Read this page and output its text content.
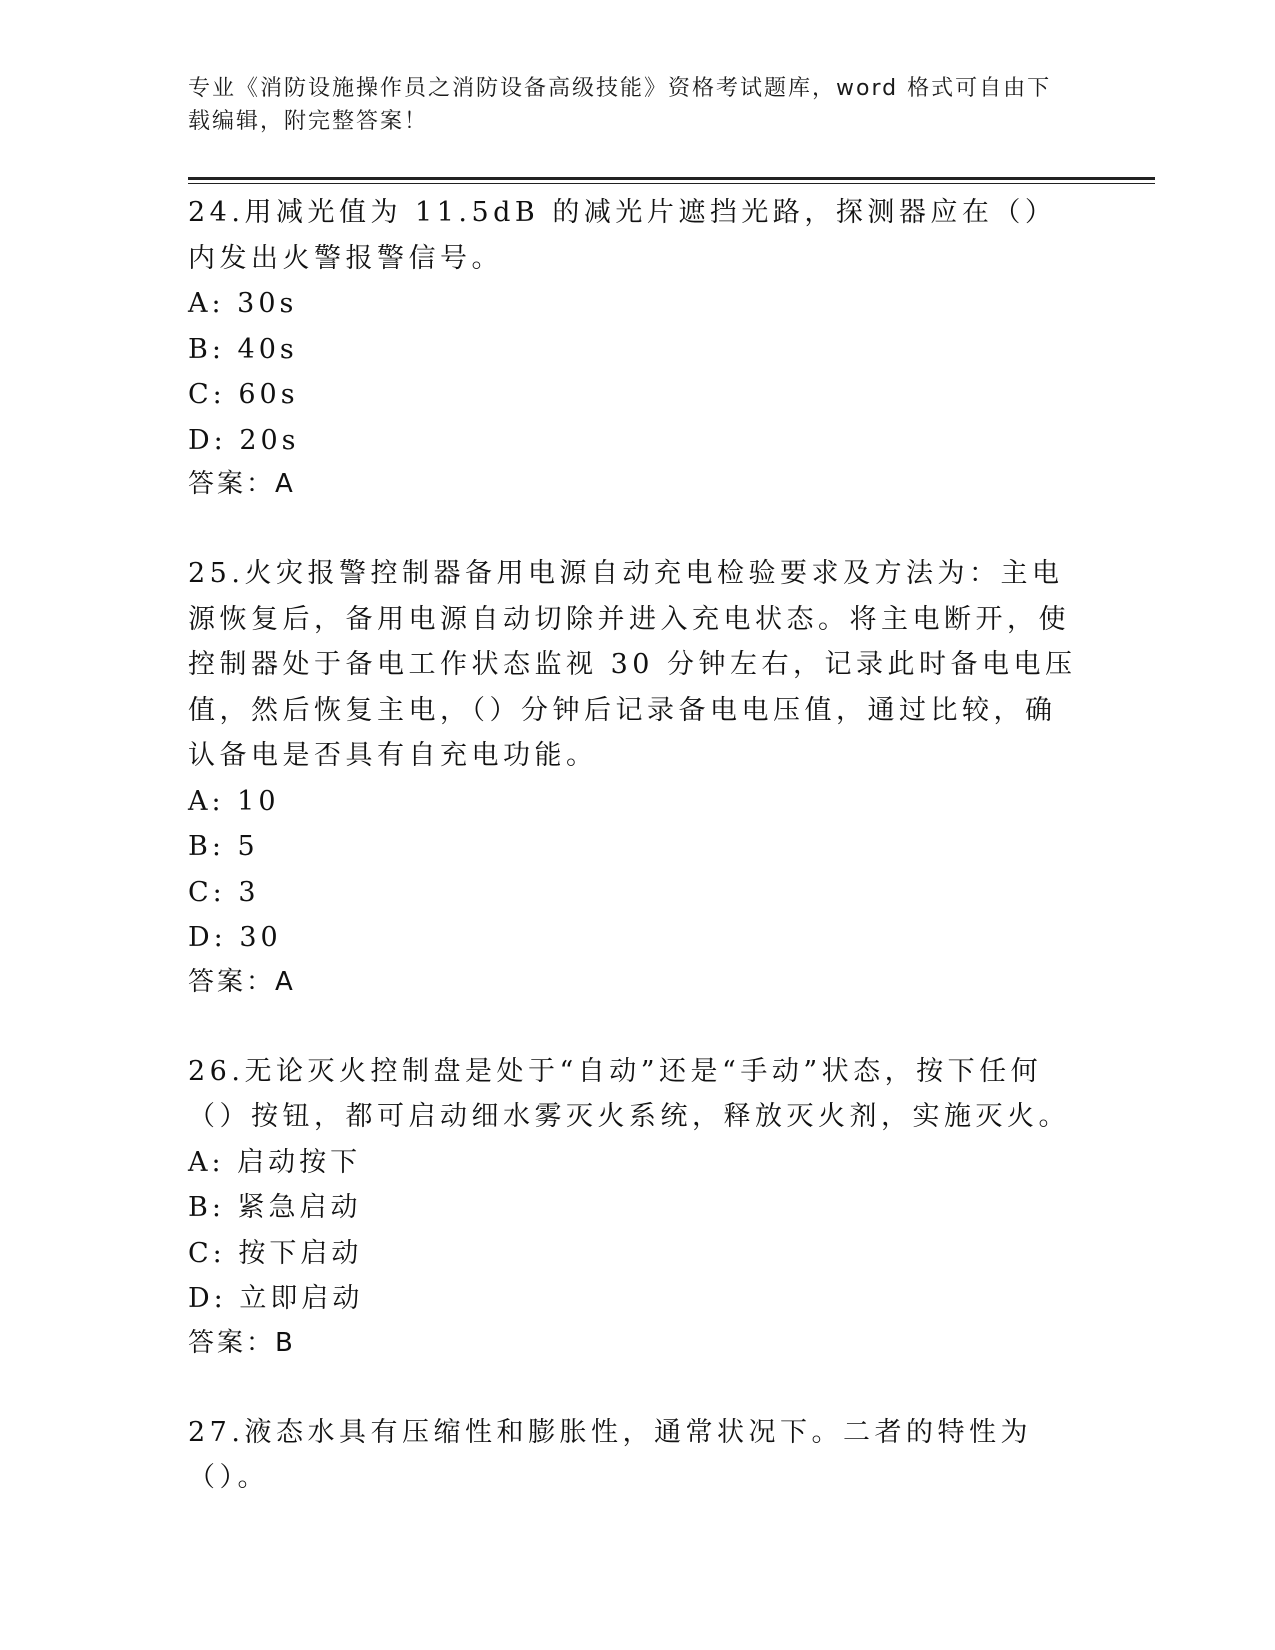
专业《消防设施操作员之消防设备高级技能》资格考试题库，word 格式可自由下载编辑，附完整答案！
24.用减光值为 11.5dB 的减光片遮挡光路，探测器应在（）内发出火警报警信号。
A: 30s
B: 40s
C: 60s
D: 20s
答案：A
25.火灾报警控制器备用电源自动充电检验要求及方法为：主电源恢复后，备用电源自动切除并进入充电状态。将主电断开，使控制器处于备电工作状态监视 30 分钟左右，记录此时备电电压值，然后恢复主电，（）分钟后记录备电电压值，通过比较，确认备电是否具有自充电功能。
A: 10
B: 5
C: 3
D: 30
答案：A
26.无论灭火控制盘是处于“自动”还是“手动”状态，按下任何（）按钮，都可启动细水雾灭火系统，释放灭火剂，实施灭火。
A: 启动按下
B: 紧急启动
C: 按下启动
D: 立即启动
答案：B
27.液态水具有压缩性和膨胀性，通常状况下。二者的特性为（）。
